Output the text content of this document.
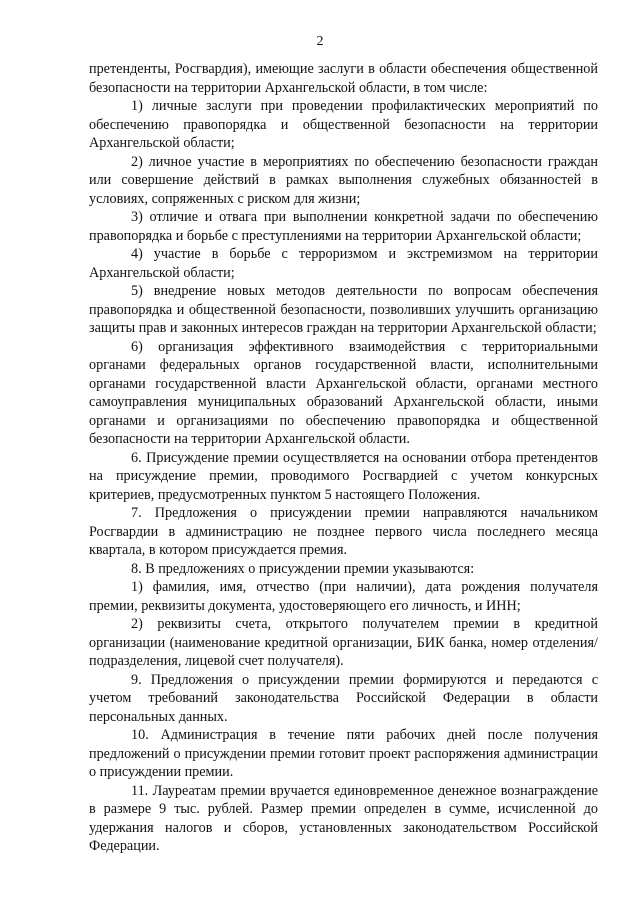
2

претенденты, Росгвардия), имеющие заслуги в области обеспечения общественной безопасности на территории Архангельской области, в том числе:

1) личные заслуги при проведении профилактических мероприятий по обеспечению правопорядка и общественной безопасности на территории Архангельской области;

2) личное участие в мероприятиях по обеспечению безопасности граждан или совершение действий в рамках выполнения служебных обязанностей в условиях, сопряженных с риском для жизни;

3) отличие и отвага при выполнении конкретной задачи по обеспечению правопорядка и борьбе с преступлениями на территории Архангельской области;

4) участие в борьбе с терроризмом и экстремизмом на территории Архангельской области;

5) внедрение новых методов деятельности по вопросам обеспечения правопорядка и общественной безопасности, позволивших улучшить организацию защиты прав и законных интересов граждан на территории Архангельской области;

6) организация эффективного взаимодействия с территориальными органами федеральных органов государственной власти, исполнительными органами государственной власти Архангельской области, органами местного самоуправления муниципальных образований Архангельской области, иными органами и организациями по обеспечению правопорядка и общественной безопасности на территории Архангельской области.

6. Присуждение премии осуществляется на основании отбора претендентов на присуждение премии, проводимого Росгвардией с учетом конкурсных критериев, предусмотренных пунктом 5 настоящего Положения.

7. Предложения о присуждении премии направляются начальником Росгвардии в администрацию не позднее первого числа последнего месяца квартала, в котором присуждается премия.

8. В предложениях о присуждении премии указываются:

1) фамилия, имя, отчество (при наличии), дата рождения получателя премии, реквизиты документа, удостоверяющего его личность, и ИНН;

2) реквизиты счета, открытого получателем премии в кредитной организации (наименование кредитной организации, БИК банка, номер отделения/подразделения, лицевой счет получателя).

9. Предложения о присуждении премии формируются и передаются с учетом требований законодательства Российской Федерации в области персональных данных.

10. Администрация в течение пяти рабочих дней после получения предложений о присуждении премии готовит проект распоряжения администрации о присуждении премии.

11. Лауреатам премии вручается единовременное денежное вознаграждение в размере 9 тыс. рублей. Размер премии определен в сумме, исчисленной до удержания налогов и сборов, установленных законодательством Российской Федерации.
